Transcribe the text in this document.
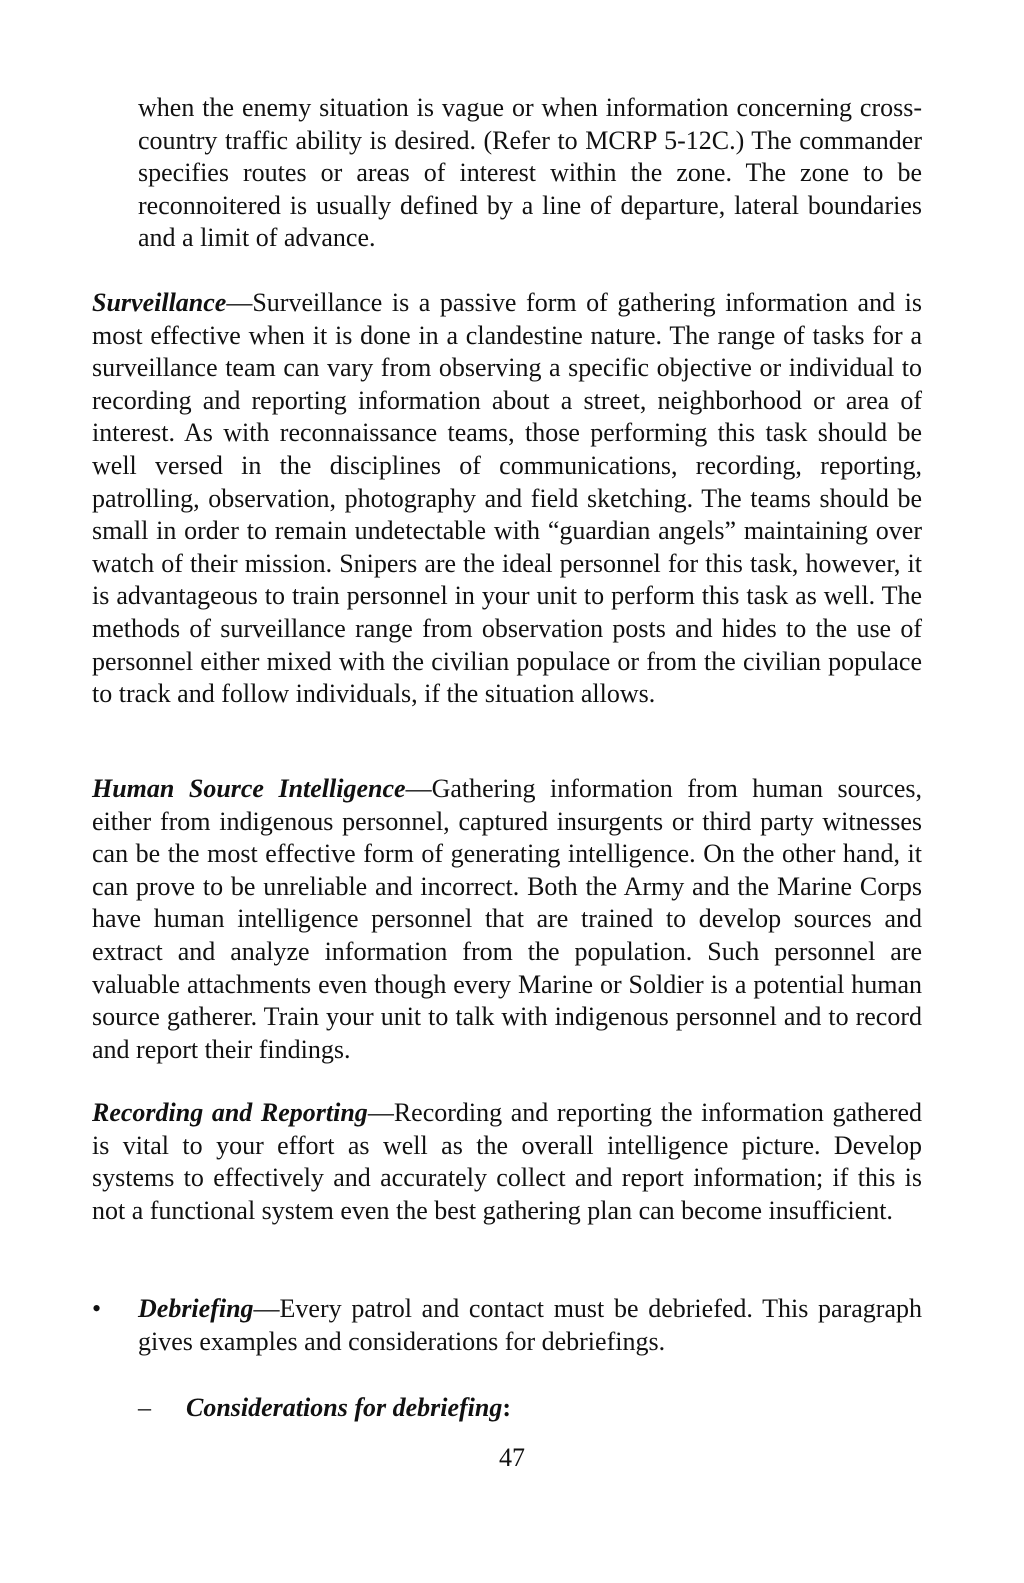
when the enemy situation is vague or when information concerning cross-country traffic ability is desired. (Refer to MCRP 5-12C.) The commander specifies routes or areas of interest within the zone. The zone to be reconnoitered is usually defined by a line of departure, lateral boundaries and a limit of advance.

Surveillance—Surveillance is a passive form of gathering information and is most effective when it is done in a clandestine nature. The range of tasks for a surveillance team can vary from observing a specific objective or individual to recording and reporting information about a street, neighborhood or area of interest. As with reconnaissance teams, those performing this task should be well versed in the disciplines of communications, recording, reporting, patrolling, observation, photography and field sketching. The teams should be small in order to remain undetectable with “guardian angels” maintaining over watch of their mission. Snipers are the ideal personnel for this task, however, it is advantageous to train personnel in your unit to perform this task as well. The methods of surveillance range from observation posts and hides to the use of personnel either mixed with the civilian populace or from the civilian populace to track and follow individuals, if the situation allows.

Human Source Intelligence—Gathering information from human sources, either from indigenous personnel, captured insurgents or third party witnesses can be the most effective form of generating intelligence. On the other hand, it can prove to be unreliable and incorrect. Both the Army and the Marine Corps have human intelligence personnel that are trained to develop sources and extract and analyze information from the population. Such personnel are valuable attachments even though every Marine or Soldier is a potential human source gatherer. Train your unit to talk with indigenous personnel and to record and report their findings.

Recording and Reporting—Recording and reporting the information gathered is vital to your effort as well as the overall intelligence picture. Develop systems to effectively and accurately collect and report information; if this is not a functional system even the best gathering plan can become insufficient.

•	Debriefing—Every patrol and contact must be debriefed. This paragraph gives examples and considerations for debriefings.

– Considerations for debriefing:
47
